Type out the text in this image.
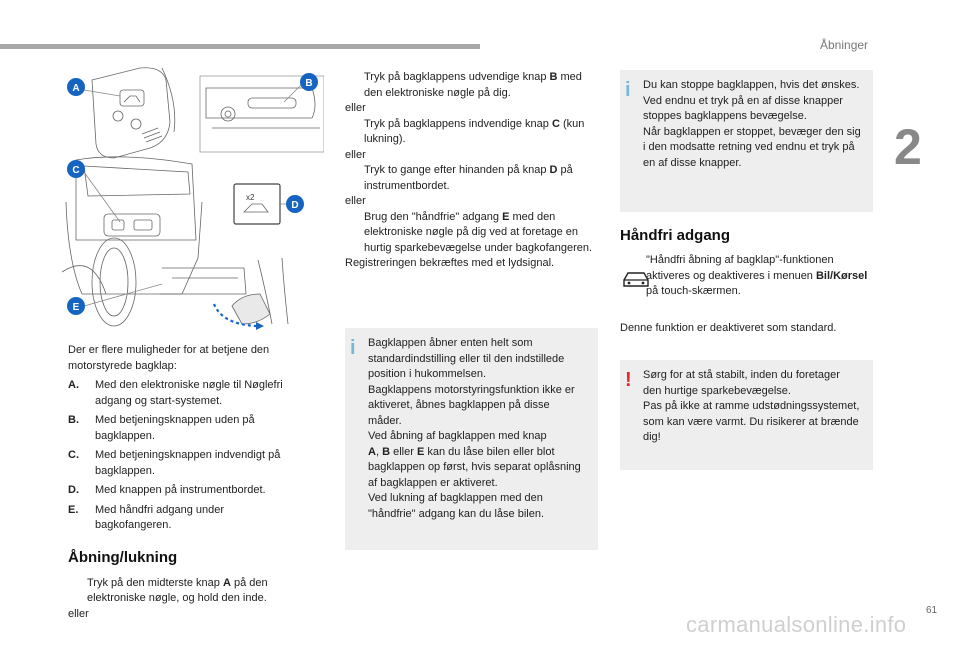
Åbninger
2
61
carmanualsonline.info
x2
A	B
C
D
E

Der er flere muligheder for at betjene den motorstyrede bagklap:

A. Med den elektroniske nøgle til Nøglefri adgang og start-systemet.
B. Med betjeningsknappen uden på bagklappen.
C. Med betjeningsknappen indvendigt på bagklappen.
D. Med knappen på instrumentbordet.
E. Med håndfri adgang under bagkofangeren.
Åbning/lukning
Tryk på den midterste knap A på den elektroniske nøgle, og hold den inde.

eller

Tryk på bagklappens udvendige knap B med den elektroniske nøgle på dig.

eller

Tryk på bagklappens indvendige knap C (kun lukning).

eller

Tryk to gange efter hinanden på knap D på instrumentbordet.

eller

Brug den "håndfrie" adgang E med den elektroniske nøgle på dig ved at foretage en hurtig sparkebevægelse under bagkofangeren.

Registreringen bekræftes med et lydsignal.

i Bagklappen åbner enten helt som standardindstilling eller til den indstillede position i hukommelsen.

Bagklappens motorstyringsfunktion ikke er aktiveret, åbnes bagklappen på disse måder.

Ved åbning af bagklappen med knap

A, B eller E kan du låse bilen eller blot bagklappen op først, hvis separat oplåsning af bagklappen er aktiveret.

Ved lukning af bagklappen med den "håndfrie" adgang kan du låse bilen.

i Du kan stoppe bagklappen, hvis det ønskes.

Ved endnu et tryk på en af disse knapper stoppes bagklappens bevægelse.

Når bagklappen er stoppet, bevæger den sig i den modsatte retning ved endnu et tryk på en af disse knapper.

Håndfri adgang
"Håndfri åbning af bagklap"-funktionen aktiveres og deaktiveres i menuen Bil/Kørsel på touch-skærmen.

Denne funktion er deaktiveret som standard.

! Sørg for at stå stabilt, inden du foretager den hurtige sparkebevægelse.

Pas på ikke at ramme udstødningssystemet, som kan være varmt. Du risikerer at brænde dig!
